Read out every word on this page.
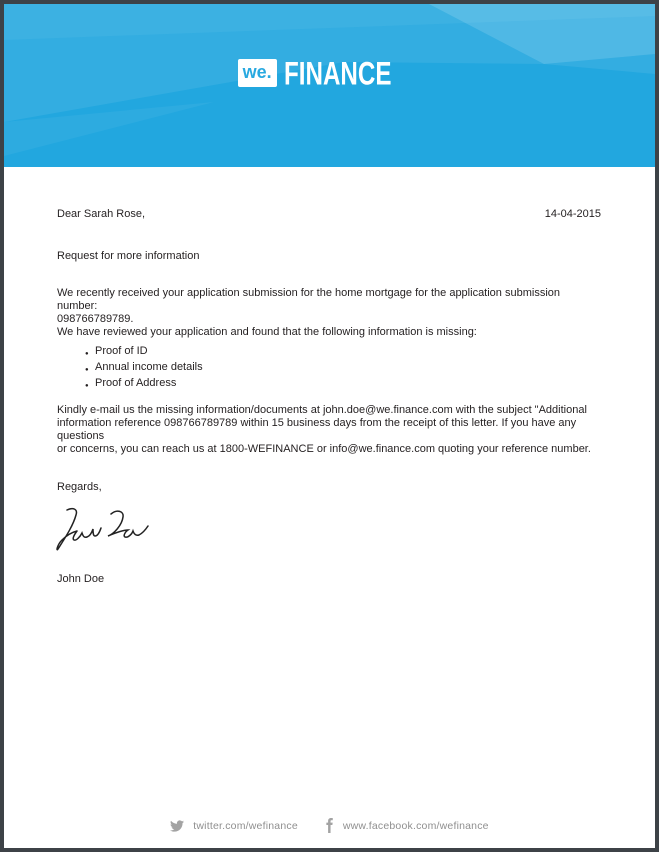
we. FINANCE
Dear Sarah Rose,	14-04-2015
Request for more information
We recently received your application submission for the home mortgage for the application submission number:
098766789789.
We have reviewed your application and found that the following information is missing:
● Proof of ID
● Annual income details
● Proof of Address
Kindly e-mail us the missing information/documents at john.doe@we.finance.com with the subject "Additional
information reference 098766789789 within 15 business days from the receipt of this letter. If you have any questions
or concerns, you can reach us at 1800-WEFINANCE or info@we.finance.com quoting your reference number.
Regards,
John Doe
twitter.com/wefinance	www.facebook.com/wefinance
